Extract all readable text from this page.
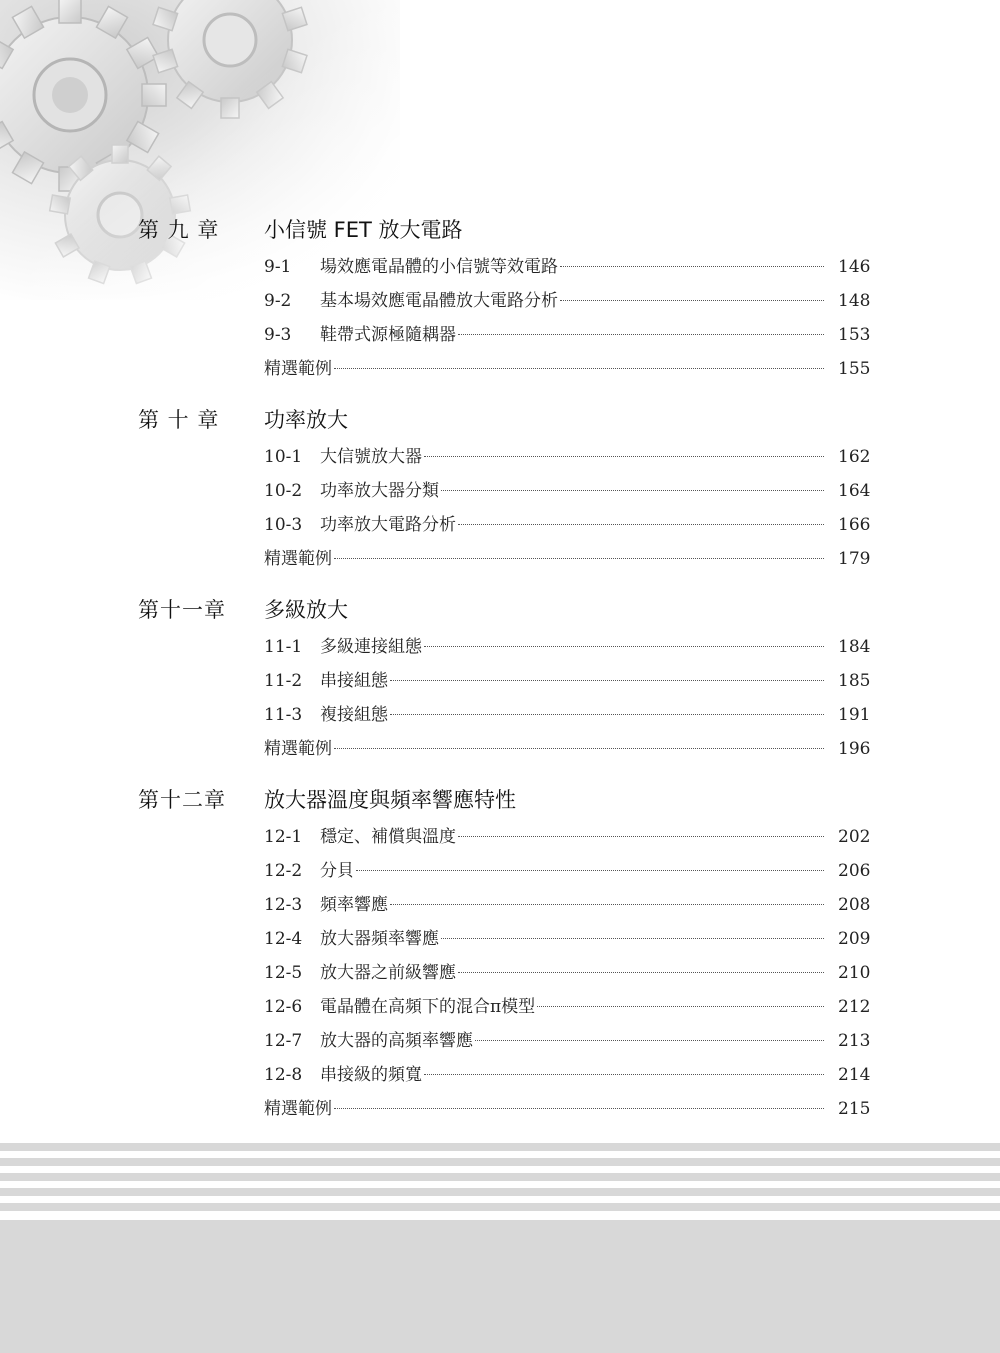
第 九 章	小信號 FET 放大電路
9-1	場效應電晶體的小信號等效電路	146
9-2	基本場效應電晶體放大電路分析	148
9-3	鞋帶式源極隨耦器	153
精選範例	155
第 十 章	功率放大
10-1	大信號放大器	162
10-2	功率放大器分類	164
10-3	功率放大電路分析	166
精選範例	179
第十一章	多級放大
11-1	多級連接組態	184
11-2	串接組態	185
11-3	複接組態	191
精選範例	196
第十二章	放大器溫度與頻率響應特性
12-1	穩定、補償與溫度	202
12-2	分貝	206
12-3	頻率響應	208
12-4	放大器頻率響應	209
12-5	放大器之前級響應	210
12-6	電晶體在高頻下的混合π模型	212
12-7	放大器的高頻率響應	213
12-8	串接級的頻寬	214
精選範例	215
